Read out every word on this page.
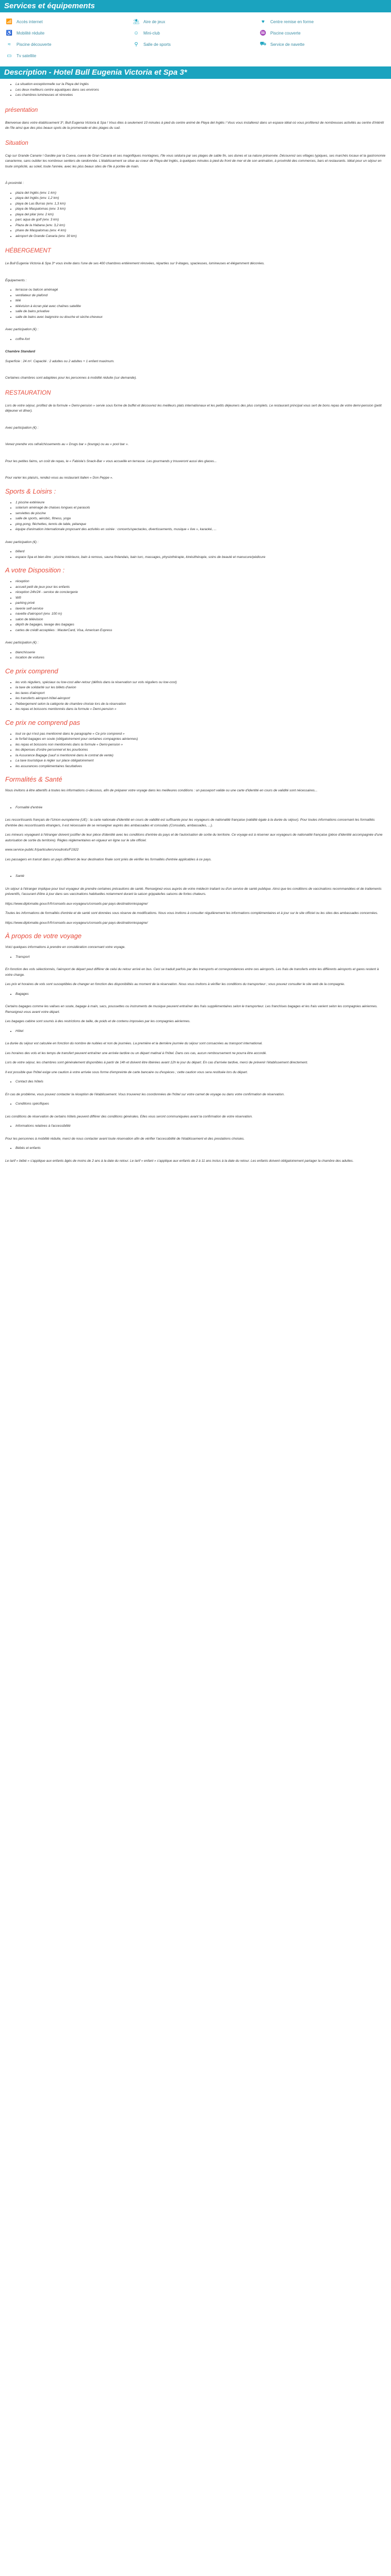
Services et équipements
📶 Accès internet	⛱ Aire de jeux	♥	Centre remise en forme
♿ Mobilité réduite	☺	Mini-club	♒ Piscine couverte
≈	Piscine découverte	⚲	Salle de sports	⛟ Service de navette
▭	Tv satellite
Description - Hotel Bull Eugenia Victoria et Spa 3*
• La situation exceptionnelle sur la Playa del Inglés
• Les deux meilleurs centre aquatiques dans ses environs
• Les chambres lumineuses et rénovées
présentation

Bienvenue dans votre établissement 3*, Bull Eugenia Victoria & Spa ! Vous êtes à seulement 10 minutes à pied du centre animé de Playa del Inglés ! Vous vous installerez dans un espace idéal où vous profiterez de nombreuses activités au centre d'intérêt de l'île ainsi que des plus beaux spots de la promenade et des plages du sud.

Situation

Cap sur Grande Canarie ! Gardée par la Cueva, cueva de Gran Canaria et ses magnifiques montagnes, l'île vous séduira par ses plages de sable fin, ses dunes et sa nature préservée. Découvrez ses villages typiques, ses marchés locaux et la gastronomie canarienne, sans oublier les nombreux sentiers de randonnée. L'établissement se situe au coeur de Playa del Inglés, à quelques minutes à pied du front de mer et de son animation, à proximité des commerces, bars et restaurants. Idéal pour un séjour en toute simplicité, au soleil, toute l'année, avec les plus beaux sites de l'île à portée de main.

À proximité :

• plaza del Inglés (env. 1 km)
• playa del Inglés (env. 1,2 km)
• playa de Las Burras (env. 1,3 km)
• playa de Maspalomas (env. 3 km)
• playa del pilar (env. 2 km)
• parc aqua de golf (env. 3 km)
• Plaza de la Habana (env. 3,2 km)
• phare de Maspalomas (env. 4 km)
• aéroport de Grande Canaria (env. 30 km)
HÉBERGEMENT

Le Bull Eugenia Victoria & Spa 3* vous invite dans l'une de ses 400 chambres entièrement rénovées, réparties sur 9 étages, spacieuses, lumineuses et élégamment décorées.

Équipements :

• terrasse ou balcon aménagé
• ventilateur de plafond
• télé
• télévision à écran plat avec chaînes satellite
• salle de bains privative
• salle de bains avec baignoire ou douche et sèche-cheveux

Avec participation (€) :

• coffre-fort

Chambre Standard

Superficie : 24 m². Capacité : 2 adultes ou 2 adultes + 1 enfant maximum.

Certaines chambres sont adaptées pour les personnes à mobilité réduite (sur demande).

RESTAURATION

Lors de votre séjour, profitez de la formule « Demi-pension » servie sous forme de buffet et découvrez les meilleurs plats internationaux et les petits déjeuners des plus complets. Le restaurant principal vous sert de bons repas de votre demi-pension (petit déjeuner et dîner).

Avec participation (€) :

Venez prendre vos rafraîchissements au « Drugs bar » (lounge) ou au « pool bar ».

Pour les petites faims, un coût de repas, le « Fabiola's Snack-Bar » vous accueille en terrasse. Les gourmands y trouveront aussi des glaces...

Pour varier les plaisirs, rendez-vous au restaurant italien « Don Peppe ».

Sports & Loisirs :
• 1 piscine extérieure
• solarium aménagé de chaises longues et parasols
• serviettes de piscine
• salle de sports, aérobic, fitness, yoga
• ping-pong, fléchettes, tennis de table, pétanque
• équipe d'animation internationale proposant des activités en soirée : concerts/spectacles, divertissements, musique « live », karaoké, ...

Avec participation (€) :

• billard
• espace Spa et bien-être : piscine intérieure, bain à remous, sauna finlandais, bain turc, massages, physiothérapie, kinésithérapie, soins de beauté et manucure/pédicure
A votre Disposition :
• réception
• accueil petit de jeux pour les enfants
• réception 24h/24 - service de conciergerie
• Wifi
• parking privé
• laverie self-service
• navette d'aéroport (env. 100 m)
• salon de télévision
• dépôt de bagages, lavage des bagages
• cartes de crédit acceptées : MasterCard, Visa, American Express

Avec participation (€) :

• blanchisserie
• location de voitures
Ce prix comprend
• les vols réguliers, spéciaux ou low-cost aller-retour (définis dans la réservation sur vols réguliers ou low-cost)
• la taxe de solidarité sur les billets d'avion
• les taxes d'aéroport
• les transferts aéroport-hôtel-aéroport
• l'hébergement selon la catégorie de chambre choisie lors de la réservation
• les repas et boissons mentionnés dans la formule « Demi-pension »
Ce prix ne comprend pas
• tout ce qui n'est pas mentionné dans le paragraphe « Ce prix comprend »
• le forfait bagages en soute (obligatoirement pour certaines compagnies aériennes)
• les repas et boissons non mentionnés dans la formule « Demi-pension »
• les dépenses d'ordre personnel et les pourboires
• la Assurance Bagage (sauf si mentionné dans le contrat de vente)
• La taxe touristique à régler sur place obligatoirement
• les assurances complémentaires facultatives
Formalités & Santé

Nous invitons à être attentifs à toutes les informations ci-dessous, afin de préparer votre voyage dans les meilleures conditions : un passeport valide ou une carte d'identité en cours de validité sont nécessaires...

• Formalité d'entrée

Les ressortissants français de l'Union européenne (UE) : la carte nationale d'identité en cours de validité est suffisante pour les voyageurs de nationalité française (validité égale à la durée du séjour). Pour toutes informations concernant les formalités d'entrée des ressortissants étrangers, il est nécessaire de se renseigner auprès des ambassades et consulats (Consulats, ambassades, ...).

Les mineurs voyageant à l'étranger doivent justifier de leur pièce d'identité avec les conditions d'entrée du pays et de l'autorisation de sortie du territoire. Ce voyage est à réserver aux voyageurs de nationalité française (pièce d'identité accompagnée d'une autorisation de sortie du territoire). Règles réglementaires en vigueur en ligne sur le site officiel.

www.service-public.fr/particuliers/vosdroits/F1922

Les passagers en transit dans un pays différent de leur destination finale sont priés de vérifier les formalités d'entrée applicables à ce pays.

• Santé

Un séjour à l'étranger implique pour tout voyageur de prendre certaines précautions de santé. Renseignez-vous auprès de votre médecin traitant ou d'un service de santé publique. Ainsi que les conditions de vaccinations recommandées et de traitements préventifs, l'assurant d'être à jour dans ses vaccinations habituelles notamment durant la saison grippale/les saisons de fortes chaleurs.

https://www.diplomatie.gouv.fr/fr/conseils-aux-voyageurs/conseils-par-pays-destination/espagne/

Toutes les informations de formalités d'entrée et de santé sont données sous réserve de modifications. Nous vous invitons à consulter régulièrement les informations complémentaires et à jour sur le site officiel ou les sites des ambassades concernées.

https://www.diplomatie.gouv.fr/fr/conseils-aux-voyageurs/conseils-par-pays-destination/espagne/

À propos de votre voyage

Voici quelques informations à prendre en considération concernant votre voyage.

• Transport

En fonction des vols sélectionnés, l'aéroport de départ peut différer de celui du retour arrivé en bus. Ceci se traduit parfois par des transports et correspondances entre ces aéroports. Les frais de transferts entre les différents aéroports et gares restent à votre charge.

Les prix et horaires de vols sont susceptibles de changer en fonction des disponibilités au moment de la réservation. Nous vous invitons à vérifier les conditions du transporteur ; vous pouvez consulter le site web de la compagnie.

• Bagages

Certains bagages comme les valises en soute, bagage à main, sacs, poussettes ou instruments de musique peuvent entraîner des frais supplémentaires selon le transporteur. Les franchises bagages et les frais varient selon les compagnies aériennes. Renseignez-vous avant votre départ.

Les bagages cabine sont soumis à des restrictions de taille, de poids et de contenu imposées par les compagnies aériennes.

• Hôtel

La durée du séjour est calculée en fonction du nombre de nuitées et non de journées. La première et la dernière journée du séjour sont consacrées au transport international.

Les horaires des vols et les temps de transfert peuvent entraîner une arrivée tardive ou un départ matinal à l'hôtel. Dans ces cas, aucun remboursement ne pourra être accordé.

Lors de votre séjour, les chambres sont généralement disponibles à partir de 14h et doivent être libérées avant 12h le jour du départ. En cas d'arrivée tardive, merci de prévenir l'établissement directement.

Il est possible que l'hôtel exige une caution à votre arrivée sous forme d'empreinte de carte bancaire ou d'espèces ; cette caution vous sera restituée lors du départ.

• Contact des hôtels

En cas de problème, vous pouvez contacter la réception de l'établissement. Vous trouverez les coordonnées de l'hôtel sur votre carnet de voyage ou dans votre confirmation de réservation.

• Conditions spécifiques

Les conditions de réservation de certains hôtels peuvent différer des conditions générales. Elles vous seront communiquées avant la confirmation de votre réservation.

• Informations relatives à l'accessibilité

Pour les personnes à mobilité réduite, merci de nous contacter avant toute réservation afin de vérifier l'accessibilité de l'établissement et des prestations choisies.

• Bébés et enfants

Le tarif « bébé » s'applique aux enfants âgés de moins de 2 ans à la date du retour. Le tarif « enfant » s'applique aux enfants de 2 à 11 ans inclus à la date du retour. Les enfants doivent obligatoirement partager la chambre des adultes.
